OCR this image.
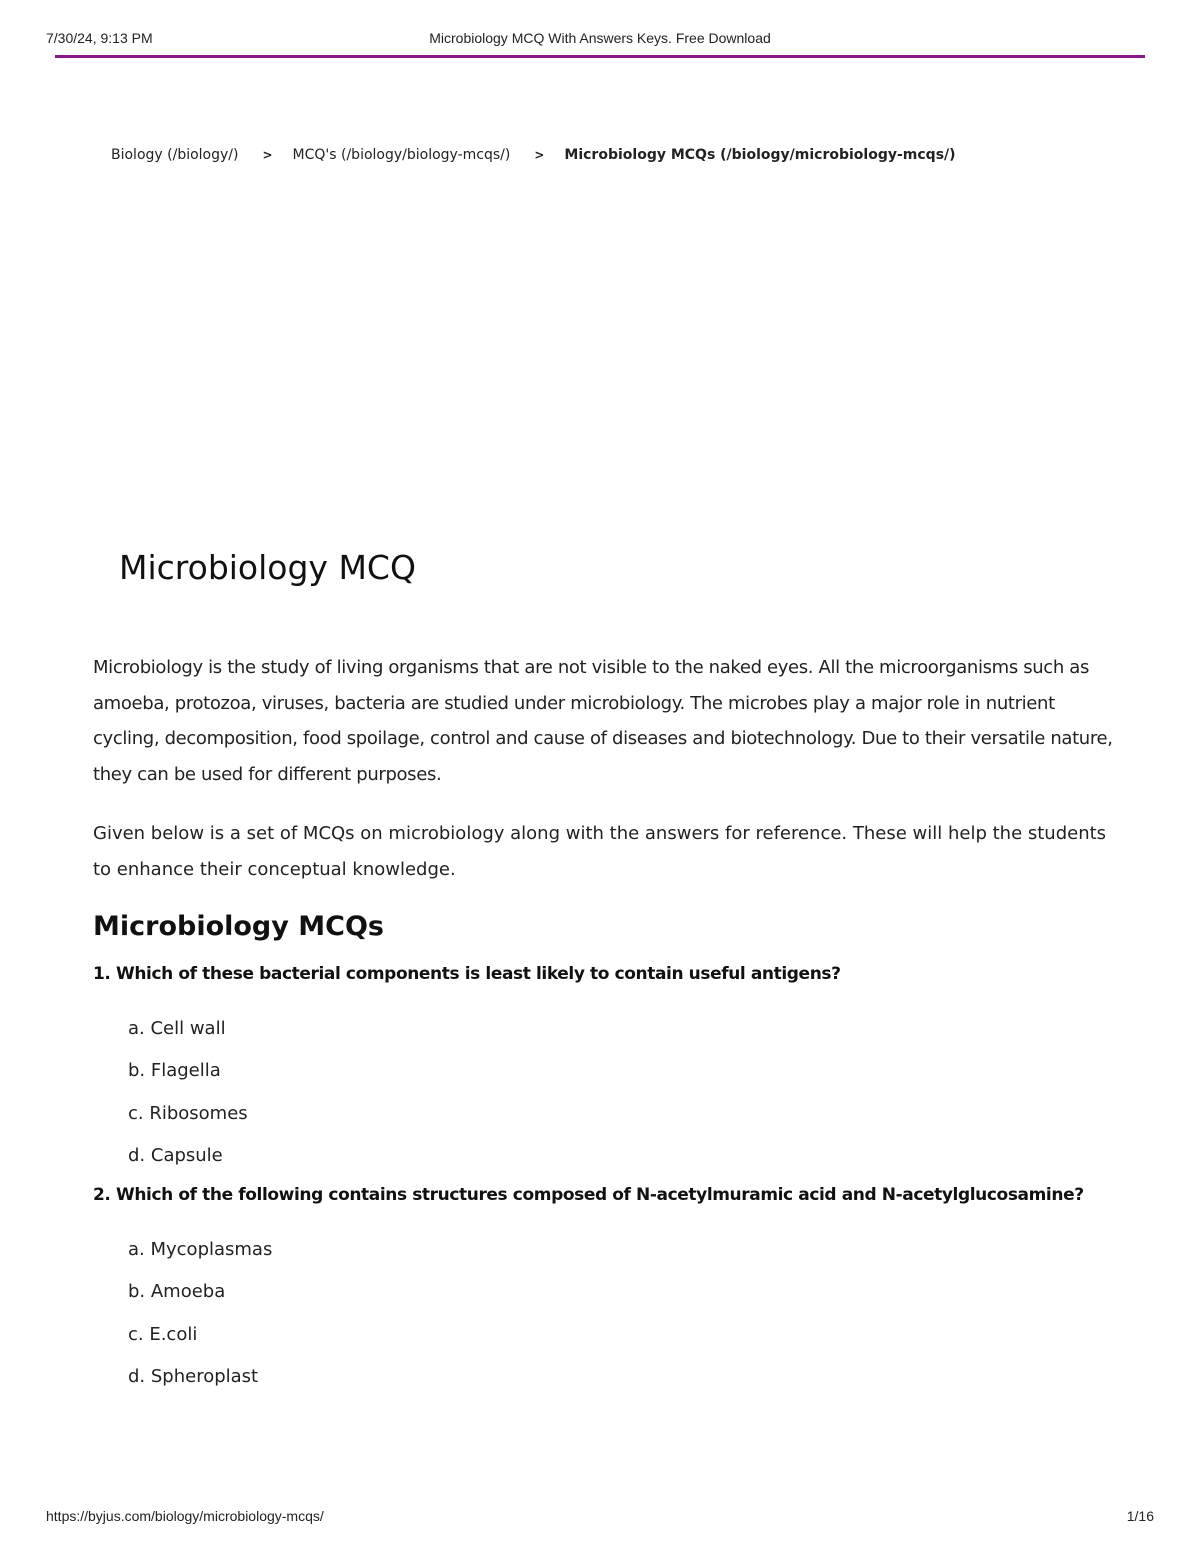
7/30/24, 9:13 PM	Microbiology MCQ With Answers Keys. Free Download
Biology (/biology/) > MCQ's (/biology/biology-mcqs/) > Microbiology MCQs (/biology/microbiology-mcqs/)
Microbiology MCQ

Microbiology is the study of living organisms that are not visible to the naked eyes. All the microorganisms such as amoeba, protozoa, viruses, bacteria are studied under microbiology. The microbes play a major role in nutrient cycling, decomposition, food spoilage, control and cause of diseases and biotechnology. Due to their versatile nature, they can be used for different purposes.

Given below is a set of MCQs on microbiology along with the answers for reference. These will help the students to enhance their conceptual knowledge.

Microbiology MCQs
1. Which of these bacterial components is least likely to contain useful antigens?
a. Cell wall
b. Flagella
c. Ribosomes
d. Capsule
2. Which of the following contains structures composed of N-acetylmuramic acid and N-acetylglucosamine?
a. Mycoplasmas
b. Amoeba
c. E.coli
d. Spheroplast
https://byjus.com/biology/microbiology-mcqs/	1/16
